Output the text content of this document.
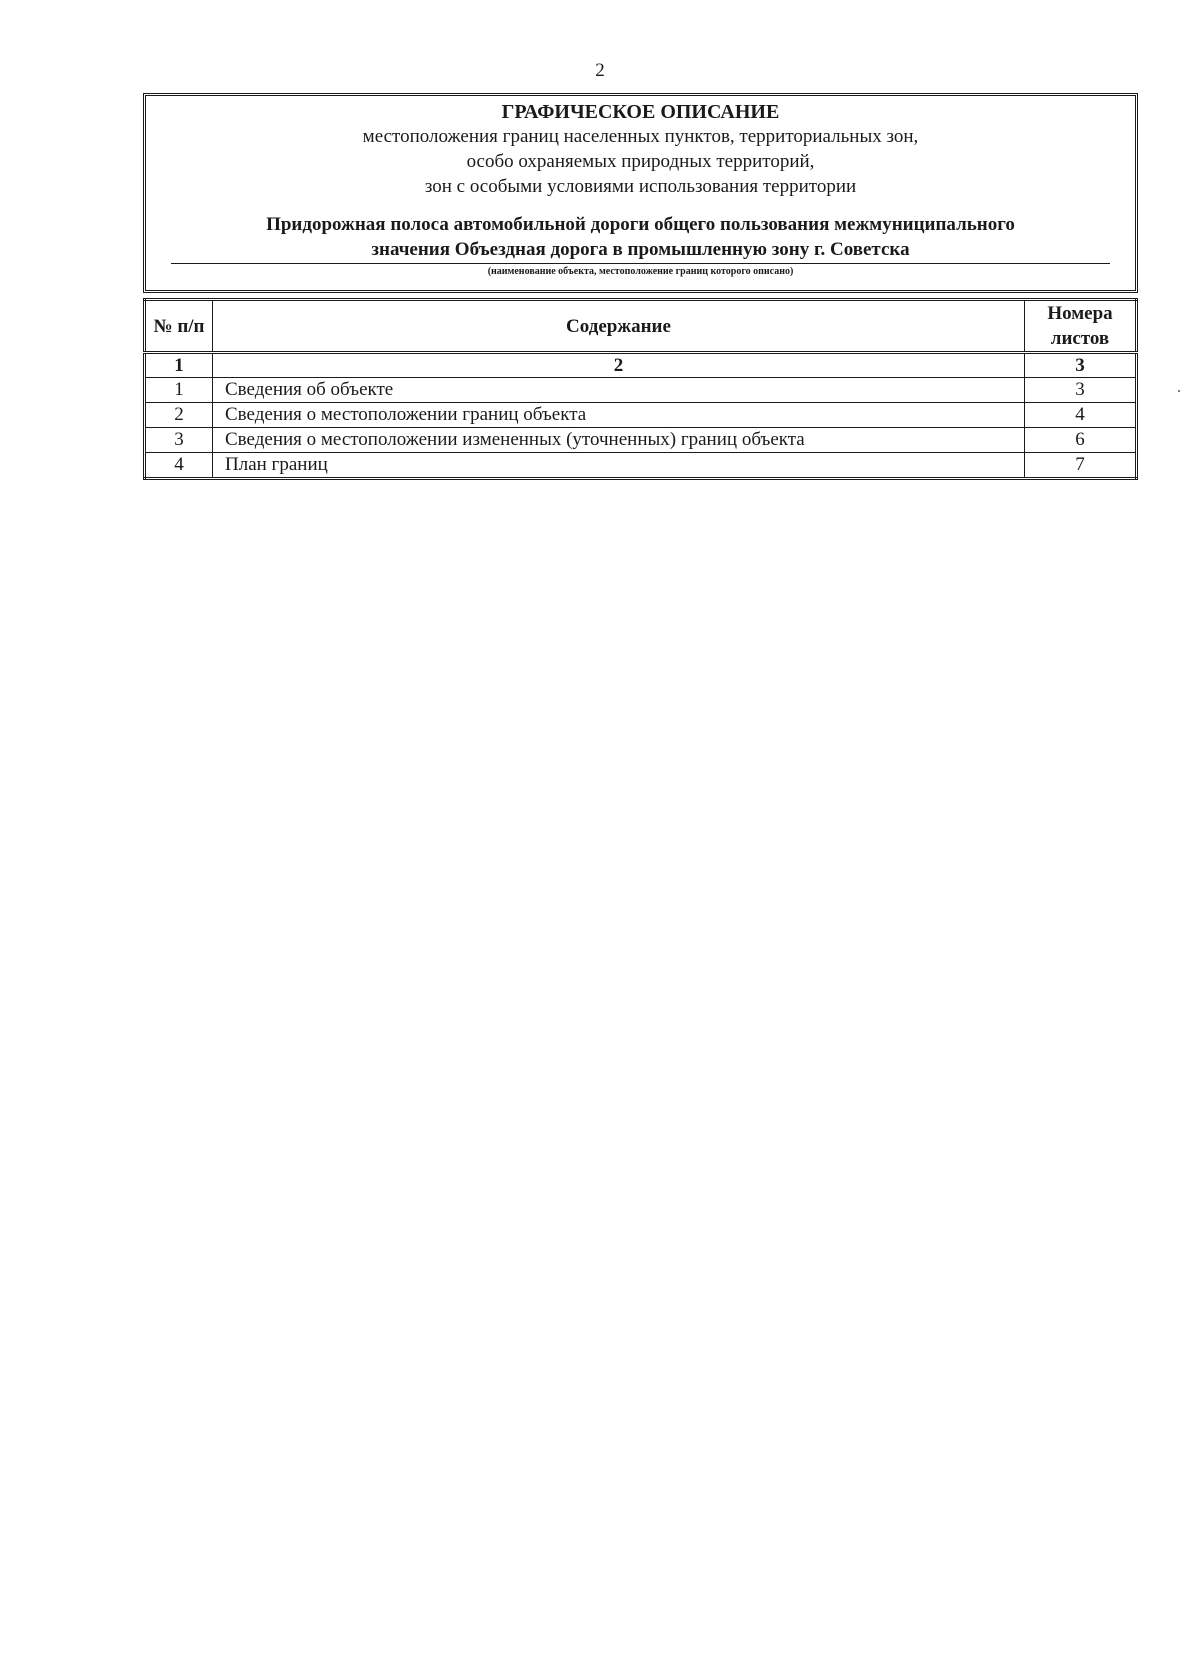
2
ГРАФИЧЕСКОЕ ОПИСАНИЕ
местоположения границ населенных пунктов, территориальных зон,
особо охраняемых природных территорий,
зон с особыми условиями использования территории
Придорожная полоса автомобильной дороги общего пользования межмуниципального
значения Объездная дорога в промышленную зону г. Советска
(наименование объекта, местоположение границ которого описано)
№ п/п	Содержание	Номера листов
1	2	3
1	Сведения об объекте	3
2	Сведения о местоположении границ объекта	4
3	Сведения о местоположении измененных (уточненных) границ объекта	6
4	План границ	7
